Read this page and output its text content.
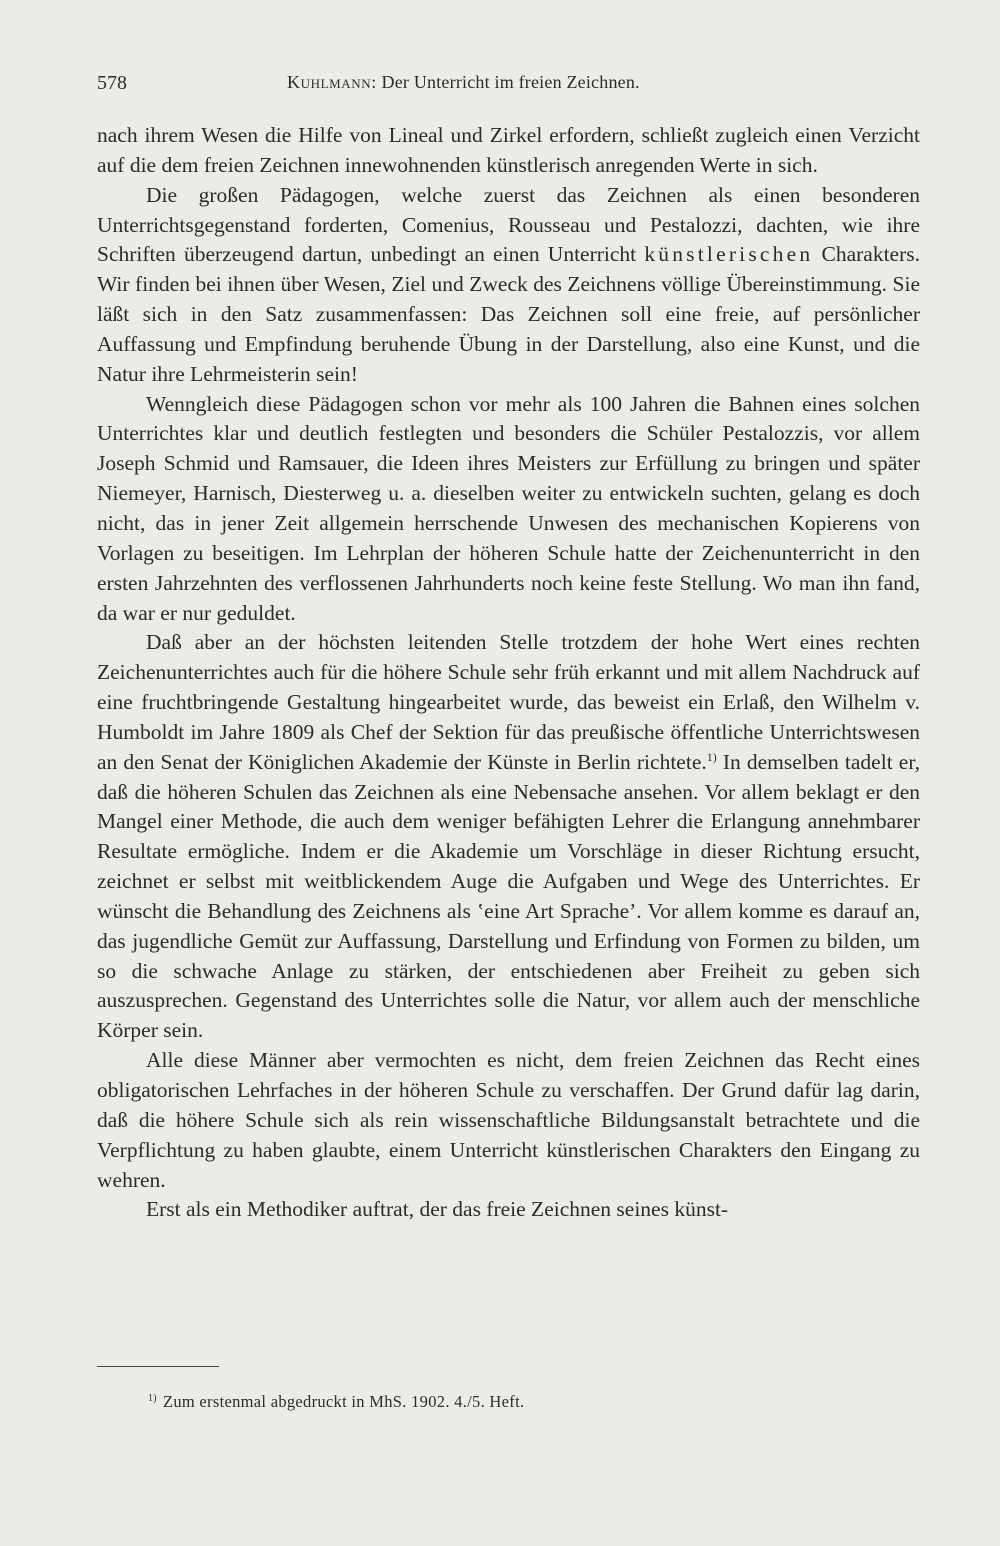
578	Kuhlmann: Der Unterricht im freien Zeichnen.

nach ihrem Wesen die Hilfe von Lineal und Zirkel erfordern, schließt zugleich einen Verzicht auf die dem freien Zeichnen innewohnenden künstlerisch anregenden Werte in sich.

Die großen Pädagogen, welche zuerst das Zeichnen als einen besonderen Unterrichtsgegenstand forderten, Comenius, Rousseau und Pestalozzi, dachten, wie ihre Schriften überzeugend dartun, unbedingt an einen Unterricht künstlerischen Charakters. Wir finden bei ihnen über Wesen, Ziel und Zweck des Zeichnens völlige Übereinstimmung. Sie läßt sich in den Satz zusammenfassen: Das Zeichnen soll eine freie, auf persönlicher Auffassung und Empfindung beruhende Übung in der Darstellung, also eine Kunst, und die Natur ihre Lehrmeisterin sein!

Wenngleich diese Pädagogen schon vor mehr als 100 Jahren die Bahnen eines solchen Unterrichtes klar und deutlich festlegten und besonders die Schüler Pestalozzis, vor allem Joseph Schmid und Ramsauer, die Ideen ihres Meisters zur Erfüllung zu bringen und später Niemeyer, Harnisch, Diesterweg u. a. dieselben weiter zu entwickeln suchten, gelang es doch nicht, das in jener Zeit allgemein herrschende Unwesen des mechanischen Kopierens von Vorlagen zu beseitigen. Im Lehrplan der höheren Schule hatte der Zeichenunterricht in den ersten Jahrzehnten des verflossenen Jahrhunderts noch keine feste Stellung. Wo man ihn fand, da war er nur geduldet.

Daß aber an der höchsten leitenden Stelle trotzdem der hohe Wert eines rechten Zeichenunterrichtes auch für die höhere Schule sehr früh erkannt und mit allem Nachdruck auf eine fruchtbringende Gestaltung hingearbeitet wurde, das beweist ein Erlaß, den Wilhelm v. Humboldt im Jahre 1809 als Chef der Sektion für das preußische öffentliche Unterrichtswesen an den Senat der Königlichen Akademie der Künste in Berlin richtete.$^{1)}$ In demselben tadelt er, daß die höheren Schulen das Zeichnen als eine Nebensache ansehen. Vor allem beklagt er den Mangel einer Methode, die auch dem weniger befähigten Lehrer die Erlangung annehmbarer Resultate ermögliche. Indem er die Akademie um Vorschläge in dieser Richtung ersucht, zeichnet er selbst mit weitblickendem Auge die Aufgaben und Wege des Unterrichtes. Er wünscht die Behandlung des Zeichnens als ʽeine Art Spracheʼ. Vor allem komme es darauf an, das jugendliche Gemüt zur Auffassung, Darstellung und Erfindung von Formen zu bilden, um so die schwache Anlage zu stärken, der entschiedenen aber Freiheit zu geben sich auszusprechen. Gegenstand des Unterrichtes solle die Natur, vor allem auch der menschliche Körper sein.

Alle diese Männer aber vermochten es nicht, dem freien Zeichnen das Recht eines obligatorischen Lehrfaches in der höheren Schule zu verschaffen. Der Grund dafür lag darin, daß die höhere Schule sich als rein wissenschaftliche Bildungsanstalt betrachtete und die Verpflichtung zu haben glaubte, einem Unterricht künstlerischen Charakters den Eingang zu wehren.

Erst als ein Methodiker auftrat, der das freie Zeichnen seines künst-

$^{1)}$ Zum erstenmal abgedruckt in MhS. 1902. 4./5. Heft.
